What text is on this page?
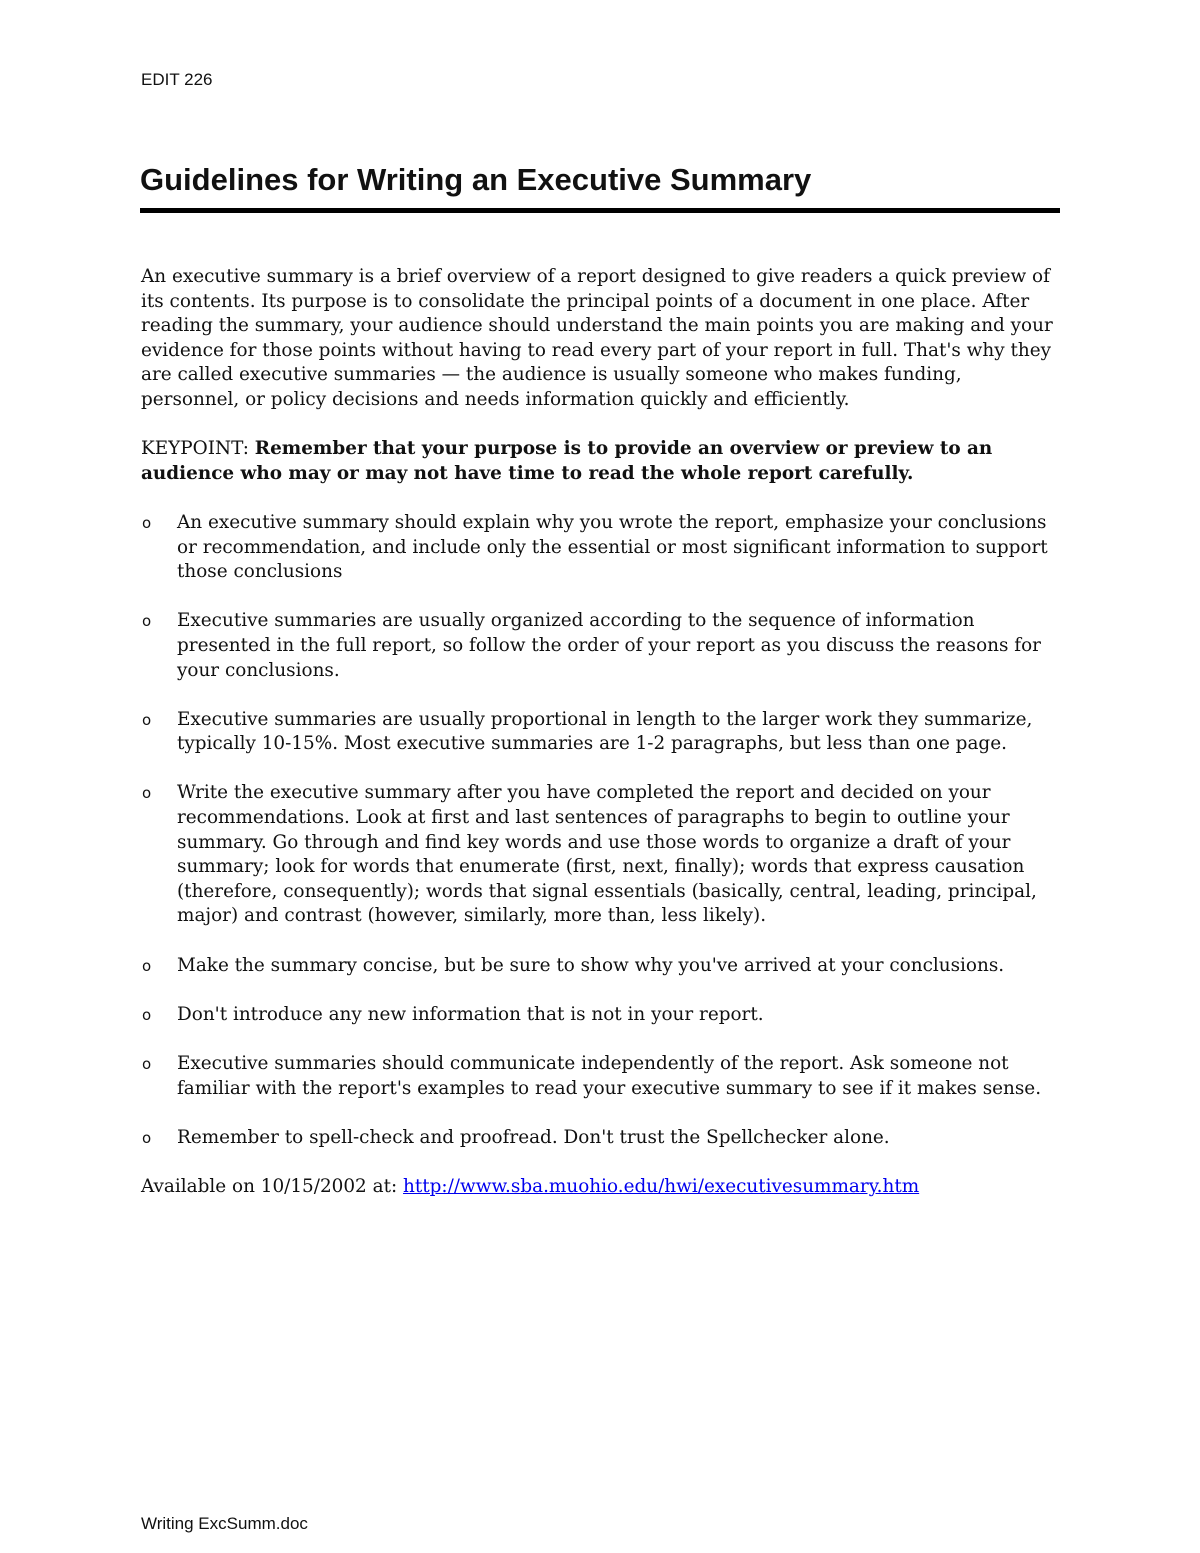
EDIT 226
Guidelines for Writing an Executive Summary

An executive summary is a brief overview of a report designed to give readers a quick preview of its contents. Its purpose is to consolidate the principal points of a document in one place. After reading the summary, your audience should understand the main points you are making and your evidence for those points without having to read every part of your report in full. That's why they are called executive summaries — the audience is usually someone who makes funding, personnel, or policy decisions and needs information quickly and efficiently.

KEYPOINT: Remember that your purpose is to provide an overview or preview to an audience who may or may not have time to read the whole report carefully.

o An executive summary should explain why you wrote the report, emphasize your conclusions or recommendation, and include only the essential or most significant information to support those conclusions
o Executive summaries are usually organized according to the sequence of information presented in the full report, so follow the order of your report as you discuss the reasons for your conclusions.
o Executive summaries are usually proportional in length to the larger work they summarize, typically 10-15%. Most executive summaries are 1-2 paragraphs, but less than one page.
o Write the executive summary after you have completed the report and decided on your recommendations. Look at first and last sentences of paragraphs to begin to outline your summary. Go through and find key words and use those words to organize a draft of your summary; look for words that enumerate (first, next, finally); words that express causation (therefore, consequently); words that signal essentials (basically, central, leading, principal, major) and contrast (however, similarly, more than, less likely).
o Make the summary concise, but be sure to show why you've arrived at your conclusions.
o Don't introduce any new information that is not in your report.
o Executive summaries should communicate independently of the report. Ask someone not familiar with the report's examples to read your executive summary to see if it makes sense.
o Remember to spell-check and proofread. Don't trust the Spellchecker alone.

Available on 10/15/2002 at: http://www.sba.muohio.edu/hwi/executivesummary.htm

Writing ExcSumm.doc
